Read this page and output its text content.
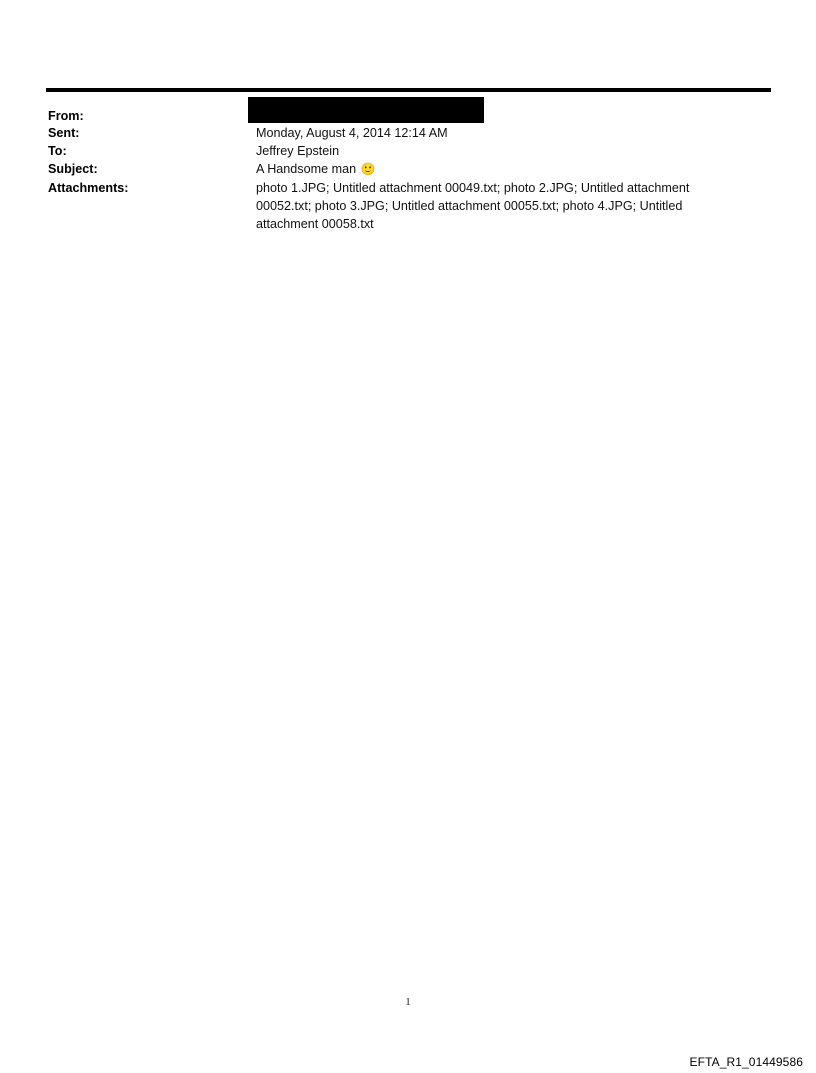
From:
Sent:	Monday, August 4, 2014 12:14 AM
To:	Jeffrey Epstein
Subject:	A Handsome man 🙂
Attachments:	photo 1.JPG; Untitled attachment 00049.txt; photo 2.JPG; Untitled attachment 00052.txt; photo 3.JPG; Untitled attachment 00055.txt; photo 4.JPG; Untitled attachment 00058.txt
1
EFTA_R1_01449586
